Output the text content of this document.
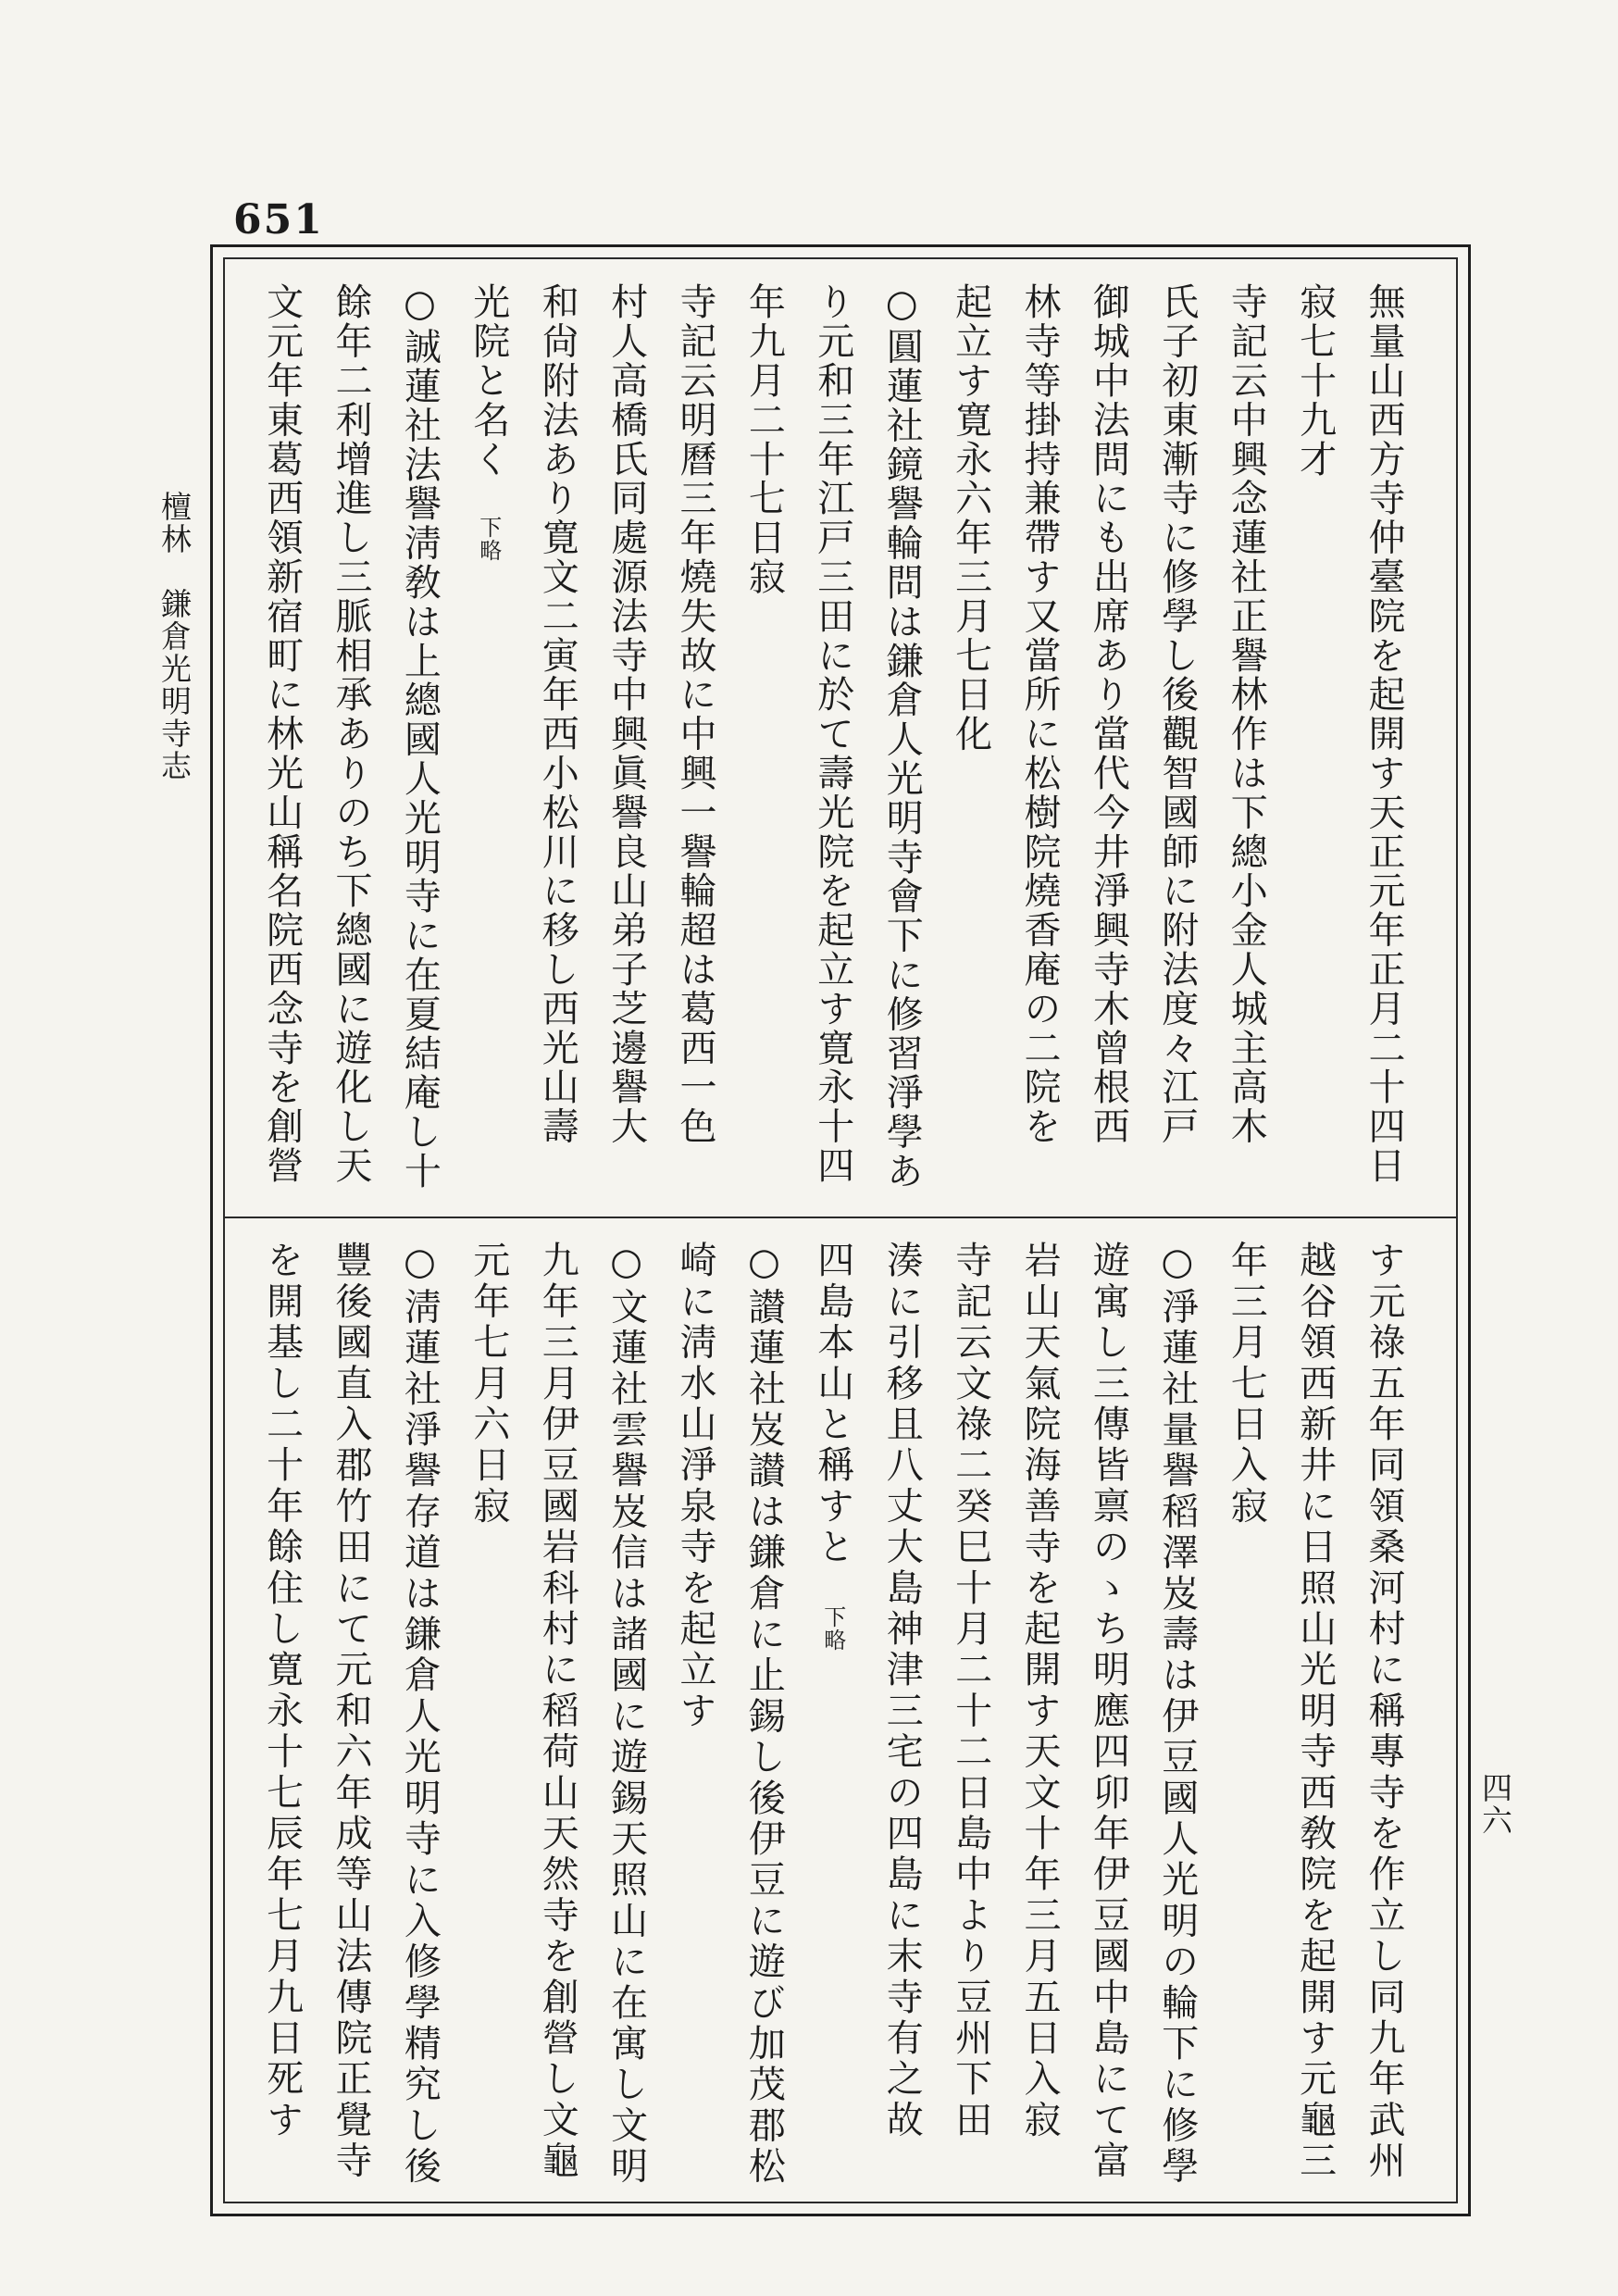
651
無量山西方寺仲臺院を起開す天正元年正月二十四日
寂七十九才
寺記云中興念蓮社正譽林作は下總小金人城主高木
氏子初東漸寺に修學し後觀智國師に附法度々江戸
御城中法問にも出席あり當代今井淨興寺木曾根西
林寺等掛持兼帶す又當所に松樹院燒香庵の二院を
起立す寛永六年三月七日化
○圓蓮社鏡譽輪問は鎌倉人光明寺會下に修習淨學あ
り元和三年江戸三田に於て壽光院を起立す寛永十四
年九月二十七日寂
寺記云明曆三年燒失故に中興一譽輪超は葛西一色
村人高橋氏同處源法寺中興眞譽良山弟子芝邊譽大
和尙附法あり寛文二寅年西小松川に移し西光山壽
光院と名く下略
○誠蓮社法譽淸敎は上總國人光明寺に在夏結庵し十
餘年二利增進し三脈相承ありのち下總國に遊化し天
文元年東葛西領新宿町に林光山稱名院西念寺を創營
す元祿五年同領桑河村に稱專寺を作立し同九年武州
越谷領西新井に日照山光明寺西敎院を起開す元龜三
年三月七日入寂
○淨蓮社量譽稻澤岌壽は伊豆國人光明の輪下に修學
遊寓し三傳皆禀のゝち明應四卯年伊豆國中島にて富
岩山天氣院海善寺を起開す天文十年三月五日入寂
寺記云文祿二癸巳十月二十二日島中より豆州下田
湊に引移且八丈大島神津三宅の四島に末寺有之故
四島本山と稱すと下略
○讃蓮社岌讃は鎌倉に止錫し後伊豆に遊び加茂郡松
崎に淸水山淨泉寺を起立す
○文蓮社雲譽岌信は諸國に遊錫天照山に在寓し文明
九年三月伊豆國岩科村に稻荷山天然寺を創營し文龜
元年七月六日寂
○淸蓮社淨譽存道は鎌倉人光明寺に入修學精究し後
豐後國直入郡竹田にて元和六年成等山法傳院正覺寺
を開基し二十年餘住し寛永十七辰年七月九日死す
檀林　鎌倉光明寺志
四六
